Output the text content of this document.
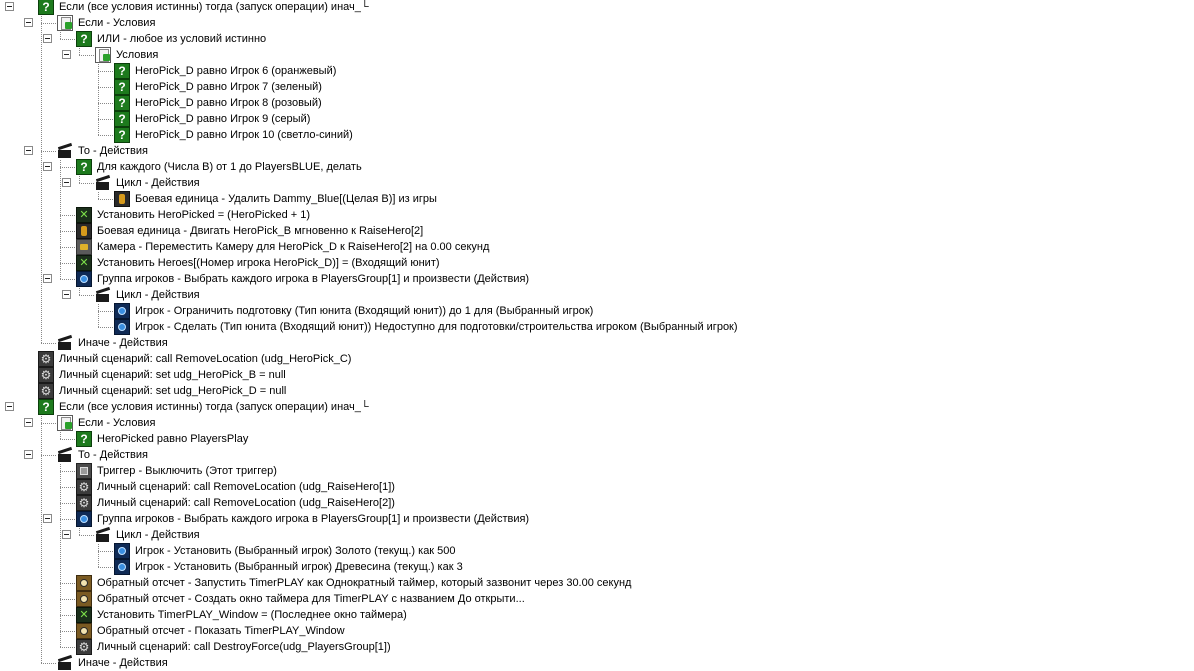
?
Если (все условия истинны) тогда (запуск операции) инач_└
Если - Условия
?
ИЛИ - любое из условий истинно
Условия
?
HeroPick_D равно Игрок 6 (оранжевый)
?
HeroPick_D равно Игрок 7 (зеленый)
?
HeroPick_D равно Игрок 8 (розовый)
?
HeroPick_D равно Игрок 9 (серый)
?
HeroPick_D равно Игрок 10 (светло-синий)
То - Действия
?
Для каждого (Числа B) от 1 до PlayersBLUE, делать
Цикл - Действия
Боевая единица - Удалить Dammy_Blue[(Целая B)] из игры
✕
Установить HeroPicked = (HeroPicked + 1)
Боевая единица - Двигать HeroPick_B мгновенно к RaiseHero[2]
Камера - Переместить Камеру для HeroPick_D к RaiseHero[2] на 0.00 секунд
✕
Установить Heroes[(Номер игрока HeroPick_D)] = (Входящий юнит)
Группа игроков - Выбрать каждого игрока в PlayersGroup[1] и произвести (Действия)
Цикл - Действия
Игрок - Ограничить подготовку (Тип юнита (Входящий юнит)) до 1 для (Выбранный игрок)
Игрок - Сделать (Тип юнита (Входящий юнит)) Недоступно для подготовки/строительства игроком (Выбранный игрок)
Иначе - Действия
⚙
Личный сценарий: call RemoveLocation (udg_HeroPick_C)
⚙
Личный сценарий: set udg_HeroPick_B = null
⚙
Личный сценарий: set udg_HeroPick_D = null
?
Если (все условия истинны) тогда (запуск операции) инач_└
Если - Условия
?
HeroPicked равно PlayersPlay
То - Действия
Триггер - Выключить (Этот триггер)
⚙
Личный сценарий: call RemoveLocation (udg_RaiseHero[1])
⚙
Личный сценарий: call RemoveLocation (udg_RaiseHero[2])
Группа игроков - Выбрать каждого игрока в PlayersGroup[1] и произвести (Действия)
Цикл - Действия
Игрок - Установить (Выбранный игрок) Золото (текущ.) как 500
Игрок - Установить (Выбранный игрок) Древесина (текущ.) как 3
Обратный отсчет - Запустить TimerPLAY как Однократный таймер, который зазвонит через 30.00 секунд
Обратный отсчет - Создать окно таймера для TimerPLAY с названием До открыти...
✕
Установить TimerPLAY_Window = (Последнее окно таймера)
Обратный отсчет - Показать TimerPLAY_Window
⚙
Личный сценарий: call DestroyForce(udg_PlayersGroup[1])
Иначе - Действия
